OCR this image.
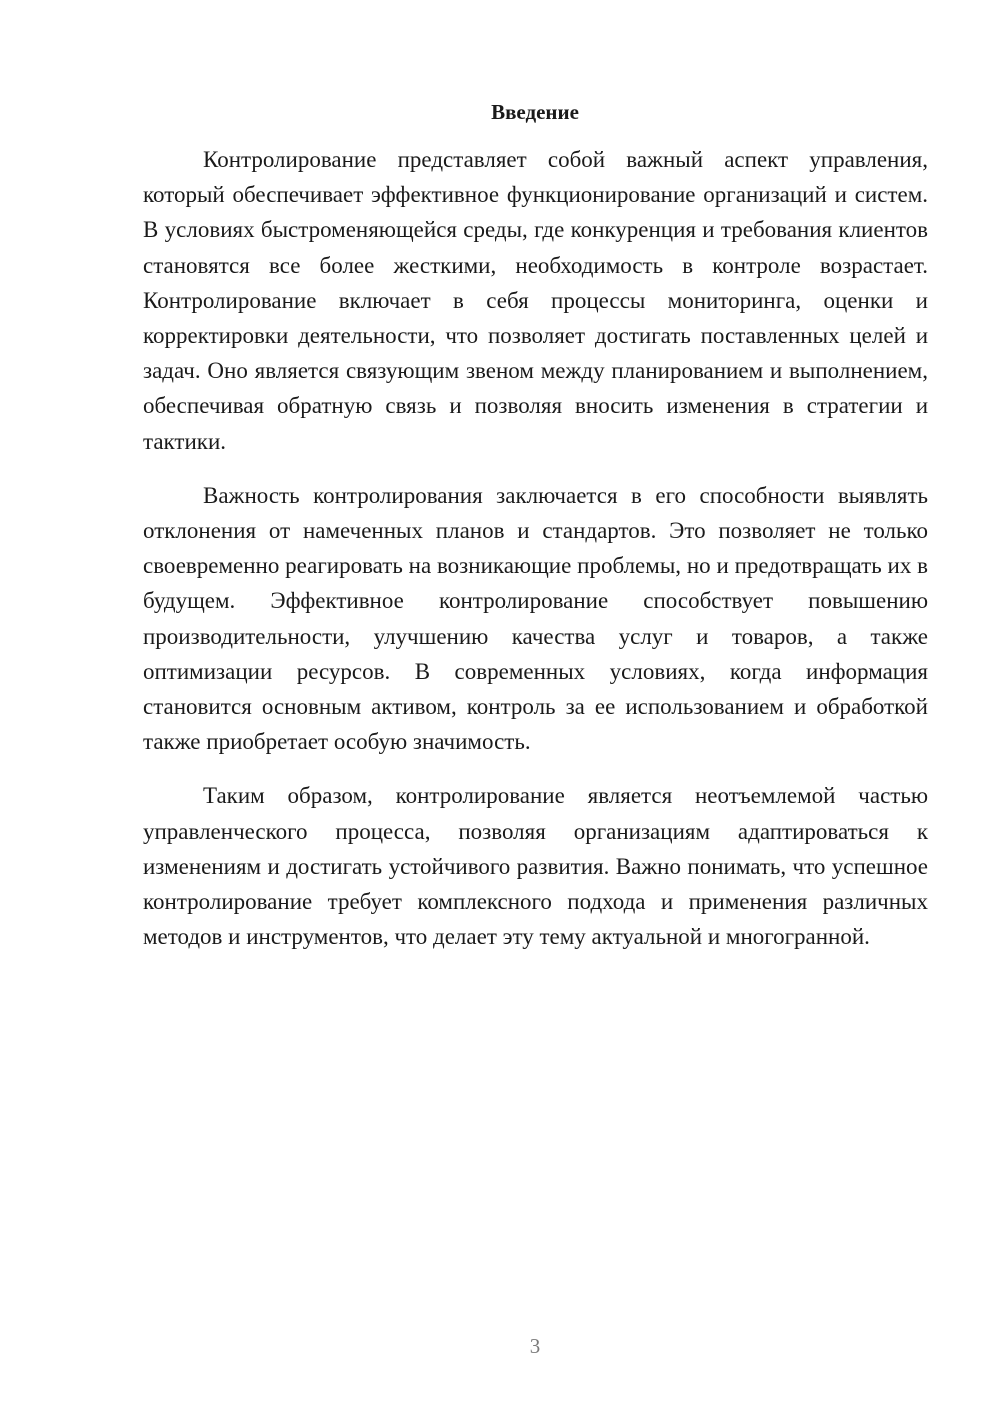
Введение

Контролирование представляет собой важный аспект управления, который обеспечивает эффективное функционирование организаций и систем. В условиях быстроменяющейся среды, где конкуренция и требования клиентов становятся все более жесткими, необходимость в контроле возрастает. Контролирование включает в себя процессы мониторинга, оценки и корректировки деятельности, что позволяет достигать поставленных целей и задач. Оно является связующим звеном между планированием и выполнением, обеспечивая обратную связь и позволяя вносить изменения в стратегии и тактики.

Важность контролирования заключается в его способности выявлять отклонения от намеченных планов и стандартов. Это позволяет не только своевременно реагировать на возникающие проблемы, но и предотвращать их в будущем. Эффективное контролирование способствует повышению производительности, улучшению качества услуг и товаров, а также оптимизации ресурсов. В современных условиях, когда информация становится основным активом, контроль за ее использованием и обработкой также приобретает особую значимость.

Таким образом, контролирование является неотъемлемой частью управленческого процесса, позволяя организациям адаптироваться к изменениям и достигать устойчивого развития. Важно понимать, что успешное контролирование требует комплексного подхода и применения различных методов и инструментов, что делает эту тему актуальной и многогранной.

3
